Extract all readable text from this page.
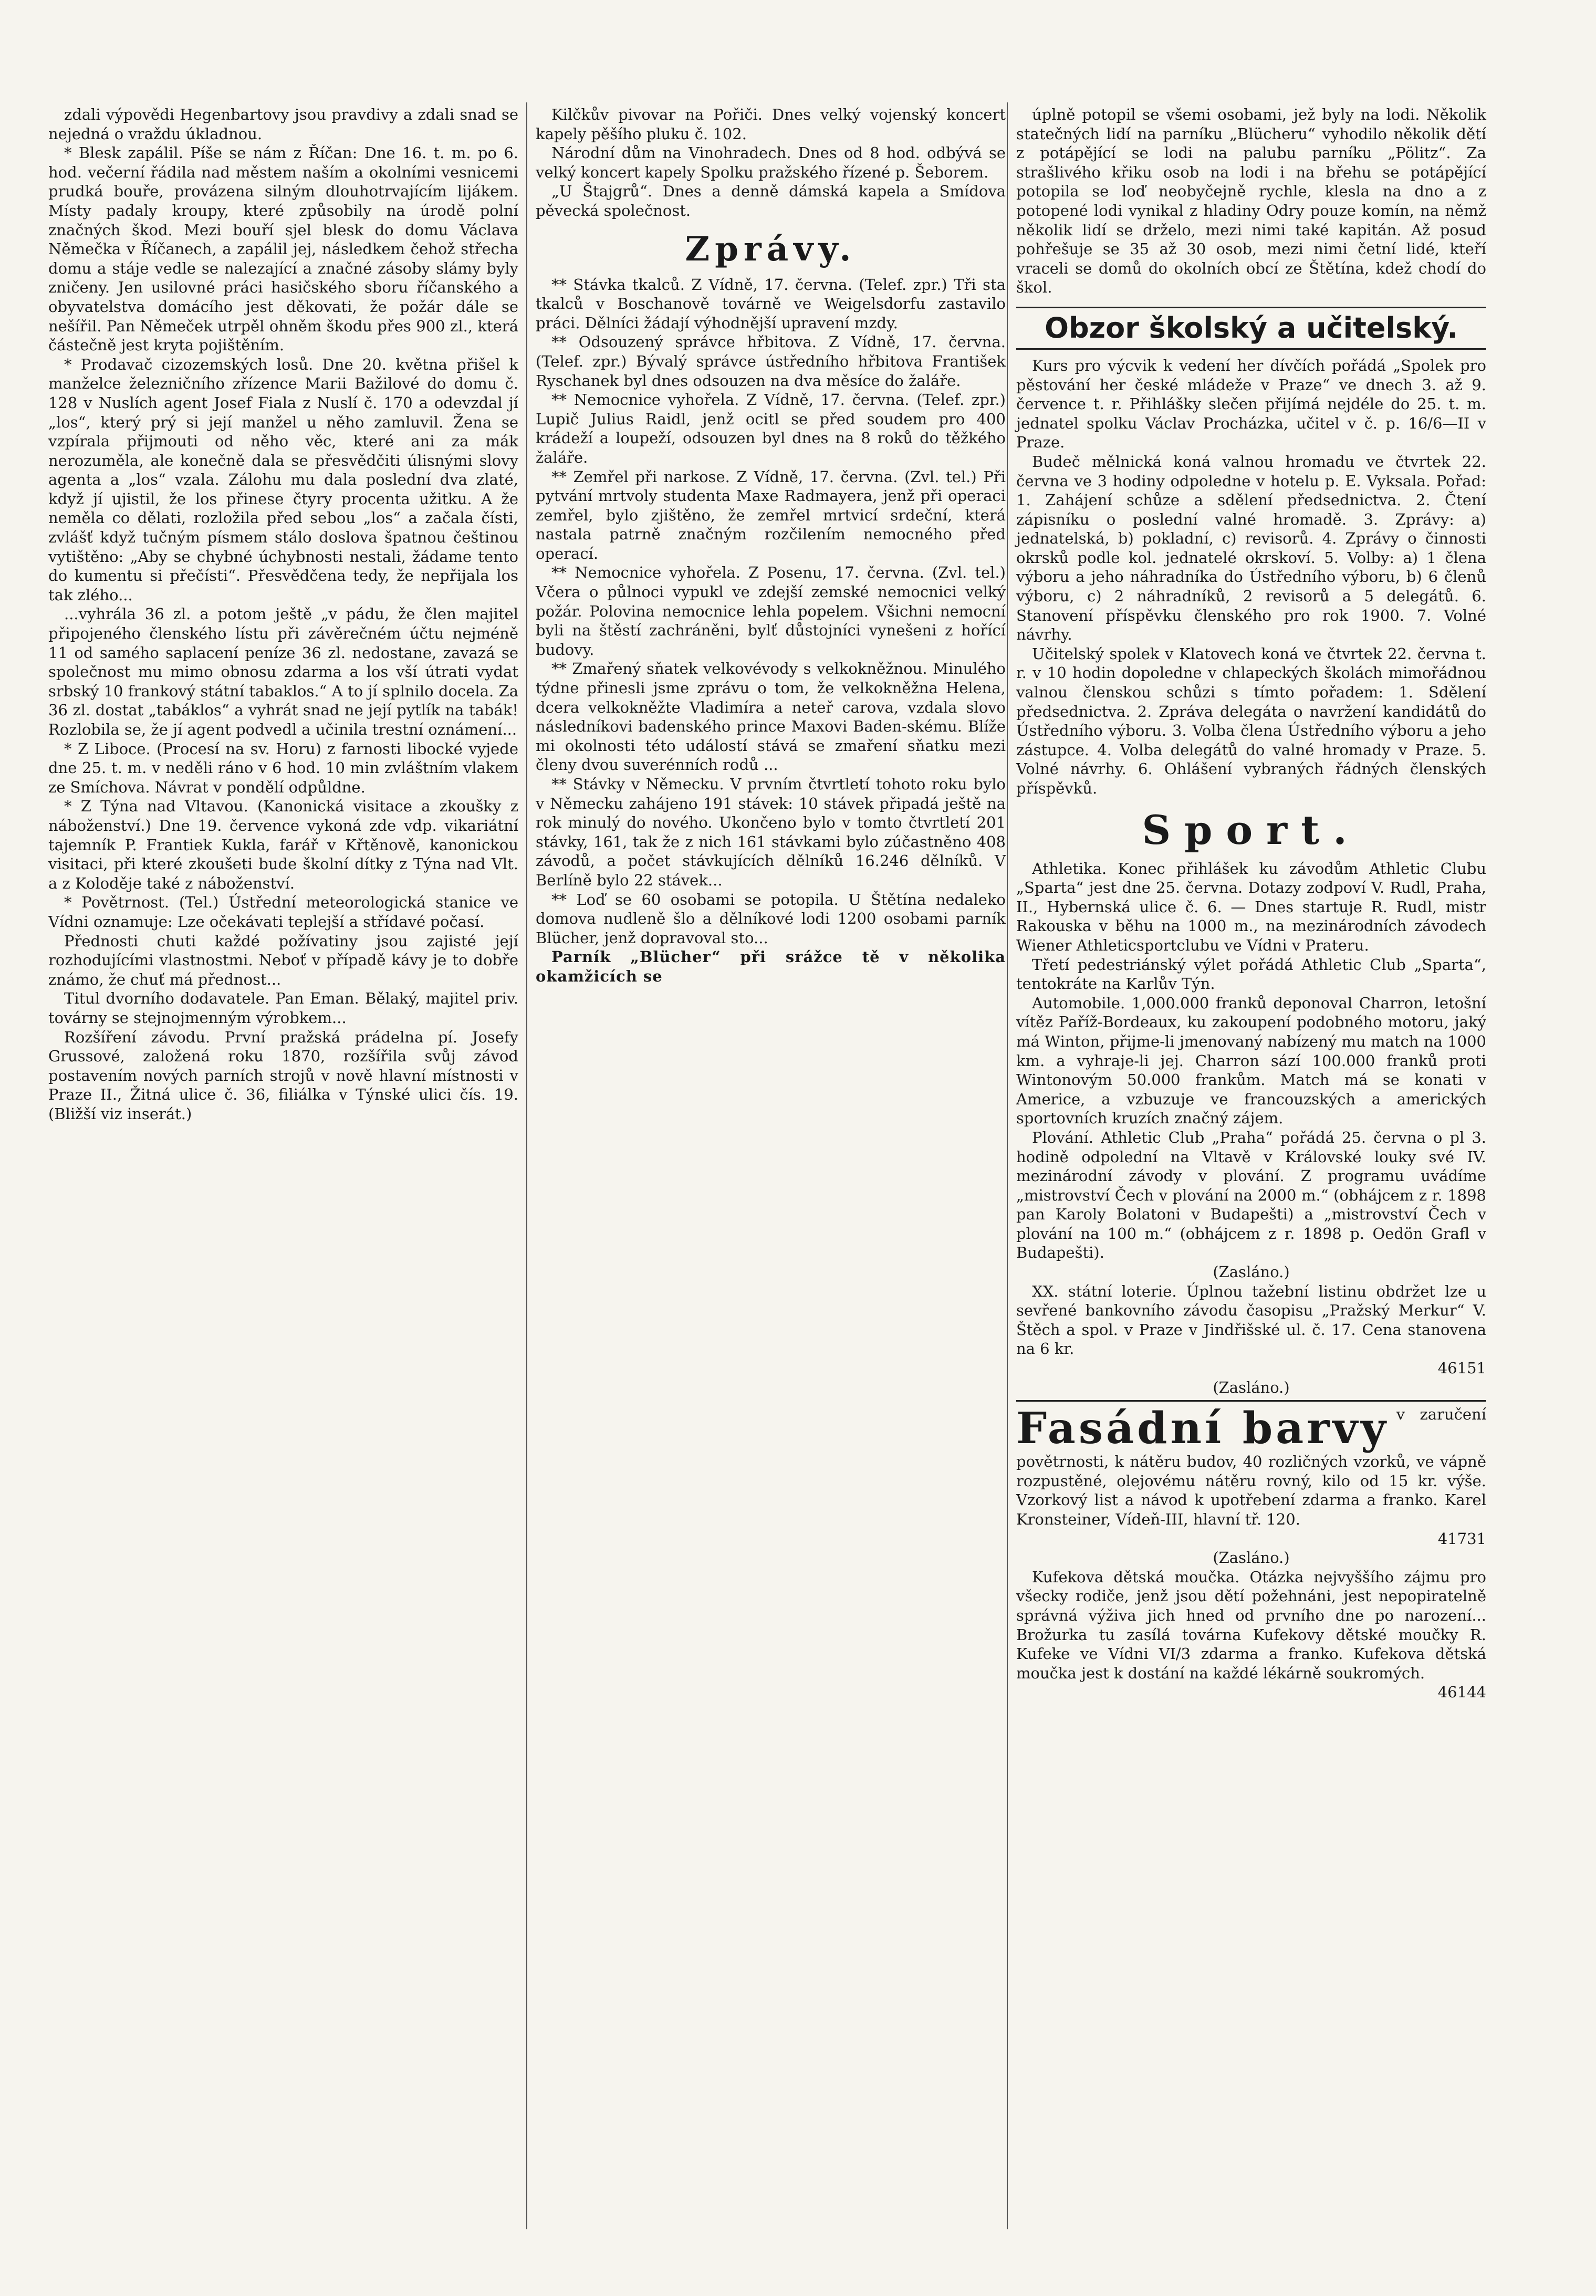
zdali výpovědi Hegenbartovy jsou pravdivy a zdali snad se nejedná o vraždu úkladnou.

* Blesk zapálil. Píše se nám z Říčan: Dne 16. t. m. po 6. hod. večerní řádila nad městem naším a okolními vesnicemi prudká bouře, provázena silným dlouhotrvajícím lijákem. Místy padaly kroupy, které způsobily na úrodě polní značných škod. Mezi bouří sjel blesk do domu Václava Němečka v Říčanech, a zapálil jej, následkem čehož střecha domu a stáje vedle se nalezající a značné zásoby slámy byly zničeny. Jen usilovné práci hasičského sboru říčanského a obyvatelstva domácího jest děkovati, že požár dále se nešířil. Pan Němeček utrpěl ohněm škodu přes 900 zl., která částečně jest kryta pojištěním.

* Prodavač cizozemských losů. Dne 20. května přišel k manželce železničního zřízence Marii Bažilové do domu č. 128 v Nuslích agent Josef Fiala z Nuslí č. 170 a odevzdal jí „los“, který prý si její manžel u něho zamluvil. Žena se vzpírala přijmouti od něho věc, které ani za mák nerozuměla, ale konečně dala se přesvědčiti úlisnými slovy agenta a „los“ vzala. Zálohu mu dala poslední dva zlaté, když jí ujistil, že los přinese čtyry procenta užitku. A že neměla co dělati, rozložila před sebou „los“ a začala čísti, zvlášť když tučným písmem stálo doslova špatnou češtinou vytištěno: „Aby se chybné úchybnosti nestali, žádame tento do kumentu si přečísti“. Přesvědčena tedy, že nepřijala los tak zlého...

...vyhrála 36 zl. a potom ještě „v pádu, že člen majitel připojeného členského lístu při závěrečném účtu nejméně 11 od samého saplacení peníze 36 zl. nedostane, zavazá se společnost mu mimo obnosu zdarma a los vší útrati vydat srbský 10 frankový státní tabaklos.“ A to jí splnilo docela. Za 36 zl. dostat „tabáklos“ a vyhrát snad ne její pytlík na tabák! Rozlobila se, že jí agent podvedl a učinila trestní oznámení...

* Z Liboce. (Procesí na sv. Horu) z farnosti libocké vyjede dne 25. t. m. v neděli ráno v 6 hod. 10 min zvláštním vlakem ze Smíchova. Návrat v pondělí odpůldne.

* Z Týna nad Vltavou. (Kanonická visitace a zkoušky z náboženství.) Dne 19. července vykoná zde vdp. vikariátní tajemník P. Frantiek Kukla, farář v Křtěnově, kanonickou visitaci, při které zkoušeti bude školní dítky z Týna nad Vlt. a z Koloděje také z náboženství.

* Povětrnost. (Tel.) Ústřední meteorologická stanice ve Vídni oznamuje: Lze očekávati teplejší a střídavé počasí.

Přednosti chuti každé požívatiny jsou zajisté její rozhodujícími vlastnostmi. Neboť v případě kávy je to dobře známo, že chuť má přednost...

Titul dvorního dodavatele. Pan Eman. Bělaký, majitel priv. továrny se stejnojmenným výrobkem...

Rozšíření závodu. První pražská prádelna pí. Josefy Grussové, založená roku 1870, rozšířila svůj závod postavením nových parních strojů v nově hlavní místnosti v Praze II., Žitná ulice č. 36, filiálka v Týnské ulici čís. 19. (Bližší viz inserát.)

Kilčkův pivovar na Pořiči. Dnes velký vojenský koncert kapely pěšího pluku č. 102.

Národní dům na Vinohradech. Dnes od 8 hod. odbývá se velký koncert kapely Spolku pražského řízené p. Šeborem.

„U Štajgrů“. Dnes a denně dámská kapela a Smídova pěvecká společnost.

Zprávy.

** Stávka tkalců. Z Vídně, 17. června. (Telef. zpr.) Tři sta tkalců v Boschanově továrně ve Weigelsdorfu zastavilo práci. Dělníci žádají výhodnější upravení mzdy.

** Odsouzený správce hřbitova. Z Vídně, 17. června. (Telef. zpr.) Bývalý správce ústředního hřbitova František Ryschanek byl dnes odsouzen na dva měsíce do žaláře.

** Nemocnice vyhořela. Z Vídně, 17. června. (Telef. zpr.) Lupič Julius Raidl, jenž ocitl se před soudem pro 400 krádeží a loupeží, odsouzen byl dnes na 8 roků do těžkého žaláře.

** Zemřel při narkose. Z Vídně, 17. června. (Zvl. tel.) Při pytvání mrtvoly studenta Maxe Radmayera, jenž při operaci zemřel, bylo zjištěno, že zemřel mrtvicí srdeční, která nastala patrně značným rozčilením nemocného před operací.

** Nemocnice vyhořela. Z Posenu, 17. června. (Zvl. tel.) Včera o půlnoci vypukl ve zdejší zemské nemocnici velký požár. Polovina nemocnice lehla popelem. Všichni nemocní byli na štěstí zachráněni, bylť důstojníci vynešeni z hořící budovy.

** Zmařený sňatek velkovévody s velkokněžnou. Minulého týdne přinesli jsme zprávu o tom, že velkokněžna Helena, dcera velkokněžte Vladimíra a neteř carova, vzdala slovo následníkovi badenského prince Maxovi Baden-skému. Blíže mi okolnosti této událostí stává se zmaření sňatku mezi členy dvou suverénních rodů ...

** Stávky v Německu. V prvním čtvrtletí tohoto roku bylo v Německu zahájeno 191 stávek: 10 stávek připadá ještě na rok minulý do nového. Ukončeno bylo v tomto čtvrtletí 201 stávky, 161, tak že z nich 161 stávkami bylo zúčastněno 408 závodů, a počet stávkujících dělníků 16.246 dělníků. V Berlíně bylo 22 stávek...

** Loď se 60 osobami se potopila. U Štětína nedaleko domova nudleně šlo a dělníkové lodi 1200 osobami parník Blücher, jenž dopravoval sto...

Parník „Blücher“ při srážce tě v několika okamžicích se

úplně potopil se všemi osobami, jež byly na lodi. Několik statečných lidí na parníku „Blücheru“ vyhodilo několik dětí z potápějící se lodi na palubu parníku „Pölitz“. Za strašlivého křiku osob na lodi i na břehu se potápějící potopila se loď neobyčejně rychle, klesla na dno a z potopené lodi vynikal z hladiny Odry pouze komín, na němž několik lidí se drželo, mezi nimi také kapitán. Až posud pohřešuje se 35 až 30 osob, mezi nimi četní lidé, kteří vraceli se domů do okolních obcí ze Štětína, kdež chodí do škol.

Obzor školský a učitelský.

Kurs pro výcvik k vedení her dívčích pořádá „Spolek pro pěstování her české mládeže v Praze“ ve dnech 3. až 9. července t. r. Přihlášky slečen přijímá nejdéle do 25. t. m. jednatel spolku Václav Procházka, učitel v č. p. 16/6—II v Praze.

Budeč mělnická koná valnou hromadu ve čtvrtek 22. června ve 3 hodiny odpoledne v hotelu p. E. Vyksala. Pořad: 1. Zahájení schůze a sdělení předsednictva. 2. Čtení zápisníku o poslední valné hromadě. 3. Zprávy: a) jednatelská, b) pokladní, c) revisorů. 4. Zprávy o činnosti okrsků podle kol. jednatelé okrskoví. 5. Volby: a) 1 člena výboru a jeho náhradníka do Ústředního výboru, b) 6 členů výboru, c) 2 náhradníků, 2 revisorů a 5 delegátů. 6. Stanovení příspěvku členského pro rok 1900. 7. Volné návrhy.

Učitelský spolek v Klatovech koná ve čtvrtek 22. června t. r. v 10 hodin dopoledne v chlapeckých školách mimořádnou valnou členskou schůzi s tímto pořadem: 1. Sdělení předsednictva. 2. Zpráva delegáta o navržení kandidátů do Ústředního výboru. 3. Volba člena Ústředního výboru a jeho zástupce. 4. Volba delegátů do valné hromady v Praze. 5. Volné návrhy. 6. Ohlášení vybraných řádných členských příspěvků.

Sport.

Athletika. Konec přihlášek ku závodům Athletic Clubu „Sparta“ jest dne 25. června. Dotazy zodpoví V. Rudl, Praha, II., Hybernská ulice č. 6. — Dnes startuje R. Rudl, mistr Rakouska v běhu na 1000 m., na mezinárodních závodech Wiener Athleticsportclubu ve Vídni v Prateru.

Třetí pedestriánský výlet pořádá Athletic Club „Sparta“, tentokráte na Karlův Týn.

Automobile. 1,000.000 franků deponoval Charron, letošní vítěz Paříž-Bordeaux, ku zakoupení podobného motoru, jaký má Winton, přijme-li jmenovaný nabízený mu match na 1000 km. a vyhraje-li jej. Charron sází 100.000 franků proti Wintonovým 50.000 frankům. Match má se konati v Americe, a vzbuzuje ve francouzských a amerických sportovních kruzích značný zájem.

Plování. Athletic Club „Praha“ pořádá 25. června o pl 3. hodině odpolední na Vltavě v Královské louky své IV. mezinárodní závody v plování. Z programu uvádíme „mistrovství Čech v plování na 2000 m.“ (obhájcem z r. 1898 pan Karoly Bolatoni v Budapešti) a „mistrovství Čech v plování na 100 m.“ (obhájcem z r. 1898 p. Oedön Grafl v Budapešti).

(Zasláno.)

XX. státní loterie. Úplnou tažební listinu obdržet lze u sevřené bankovního závodu časopisu „Pražský Merkur“ V. Štěch a spol. v Praze v Jindřišské ul. č. 17. Cena stanovena na 6 kr.

46151

(Zasláno.)

Fasádní barvy v zaručení povětrnosti, k nátěru budov, 40 rozličných vzorků, ve vápně rozpustěné, olejovému nátěru rovný, kilo od 15 kr. výše. Vzorkový list a návod k upotřebení zdarma a franko. Karel Kronsteiner, Vídeň-III, hlavní tř. 120.

41731

(Zasláno.)

Kufekova dětská moučka. Otázka nejvyššího zájmu pro všecky rodiče, jenž jsou dětí požehnáni, jest nepopiratelně správná výživa jich hned od prvního dne po narození... Brožurka tu zasílá továrna Kufekovy dětské moučky R. Kufeke ve Vídni VI/3 zdarma a franko. Kufekova dětská moučka jest k dostání na každé lékárně soukromých.

46144
